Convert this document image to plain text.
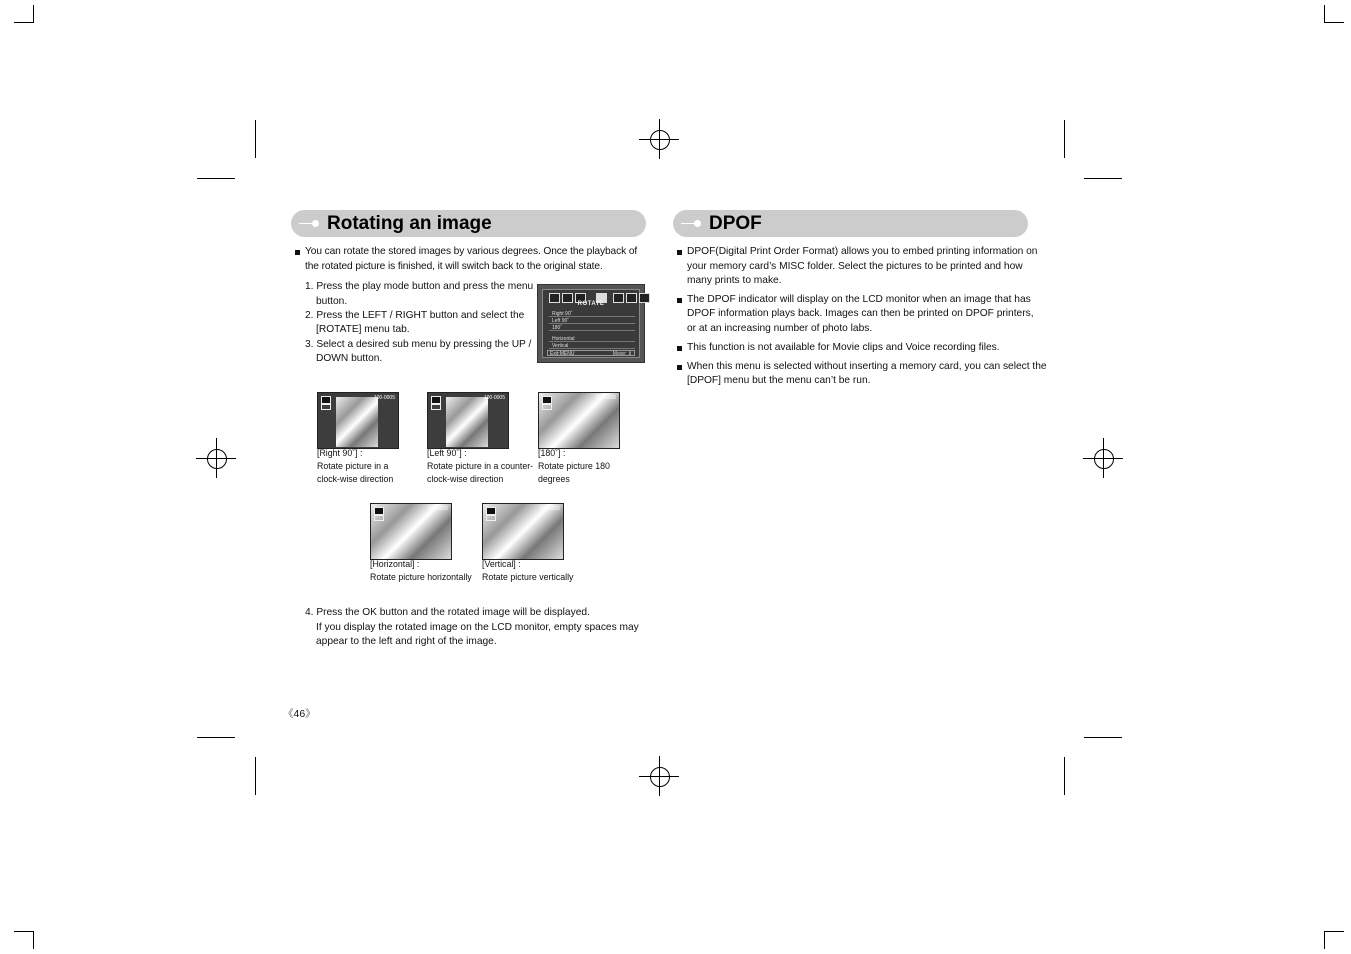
Rotating an image
You can rotate the stored images by various degrees. Once the playback of the rotated picture is finished, it will switch back to the original state.
1. Press the play mode button and press the menu
button.
2. Press the LEFT / RIGHT button and select the
[ROTATE] menu tab.
3. Select a desired sub menu by pressing the UP /
DOWN button.
ROTATE
Right 90˚
Left 90˚
180˚
Horizontal
Vertical
Exit:MENU	Move: ⇕
100-0005
[Right 90˚] :
Rotate picture in a
clock-wise direction
100-0005
[Left 90˚] :
Rotate picture in a counter-
clock-wise direction
100-0005
[180˚] :
Rotate picture 180
degrees
100-0005
[Horizontal] :
Rotate picture horizontally
100-0005
[Vertical] :
Rotate picture vertically
4. Press the OK button and the rotated image will be displayed.
If you display the rotated image on the LCD monitor, empty spaces may
appear to the left and right of the image.
《46》
DPOF
DPOF(Digital Print Order Format) allows you to embed printing information on
your memory card’s MISC folder. Select the pictures to be printed and how
many prints to make.
The DPOF indicator will display on the LCD monitor when an image that has
DPOF information plays back. Images can then be printed on DPOF printers,
or at an increasing number of photo labs.
This function is not available for Movie clips and Voice recording files.
When this menu is selected without inserting a memory card, you can select the
[DPOF] menu but the menu can’t be run.
